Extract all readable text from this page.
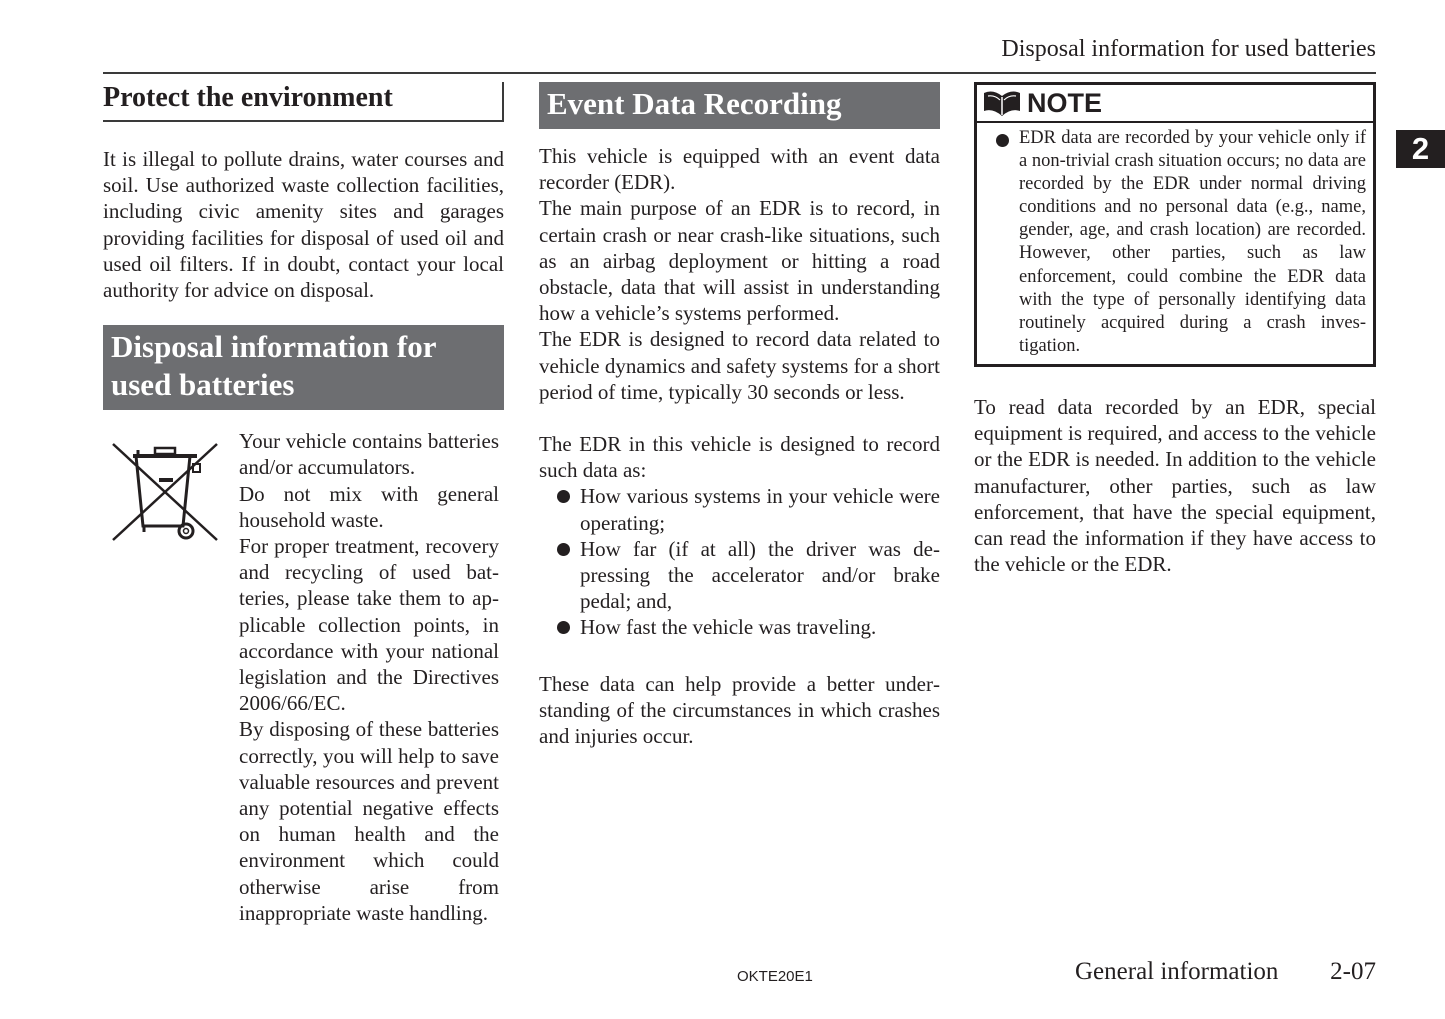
Disposal information for used batteries
2
Protect the environment

It is illegal to pollute drains, water courses and soil. Use authorized waste collection facilities, including civic amenity sites and garages providing facilities for disposal of used oil and used oil filters. If in doubt, contact your local authority for advice on disposal.

Disposal information for
used batteries

Your vehicle contains batteries and/or accumulators.

Do not mix with general household waste.

For proper treatment, recovery and recycling of used batteries, please take them to applicable collection points, in accordance with your national legislation and the Directives 2006/66/EC.

By disposing of these batteries correctly, you will help to save valuable resources and prevent any potential negative effects on human health and the environment which could otherwise arise from inappropriate waste handling.

Event Data Recording

This vehicle is equipped with an event data recorder (EDR).

The main purpose of an EDR is to record, in certain crash or near crash-like situations, such as an airbag deployment or hitting a road obstacle, data that will assist in understanding how a vehicle’s systems performed.

The EDR is designed to record data related to vehicle dynamics and safety systems for a short period of time, typically 30 seconds or less.

The EDR in this vehicle is designed to record such data as:

How various systems in your vehicle were operating;
How far (if at all) the driver was depressing the accelerator and/or brake pedal; and,
How fast the vehicle was traveling.

These data can help provide a better understanding of the circumstances in which crashes and injuries occur.

NOTE
EDR data are recorded by your vehicle only if a non-trivial crash situation occurs; no data are recorded by the EDR under normal driving conditions and no personal data (e.g., name, gender, age, and crash location) are recorded. However, other parties, such as law enforcement, could combine the EDR data with the type of personally identifying data routinely acquired during a crash investigation.

To read data recorded by an EDR, special equipment is required, and access to the vehicle or the EDR is needed. In addition to the vehicle manufacturer, other parties, such as law enforcement, that have the special equipment, can read the information if they have access to the vehicle or the EDR.

OKTE20E1	General information 2-07
